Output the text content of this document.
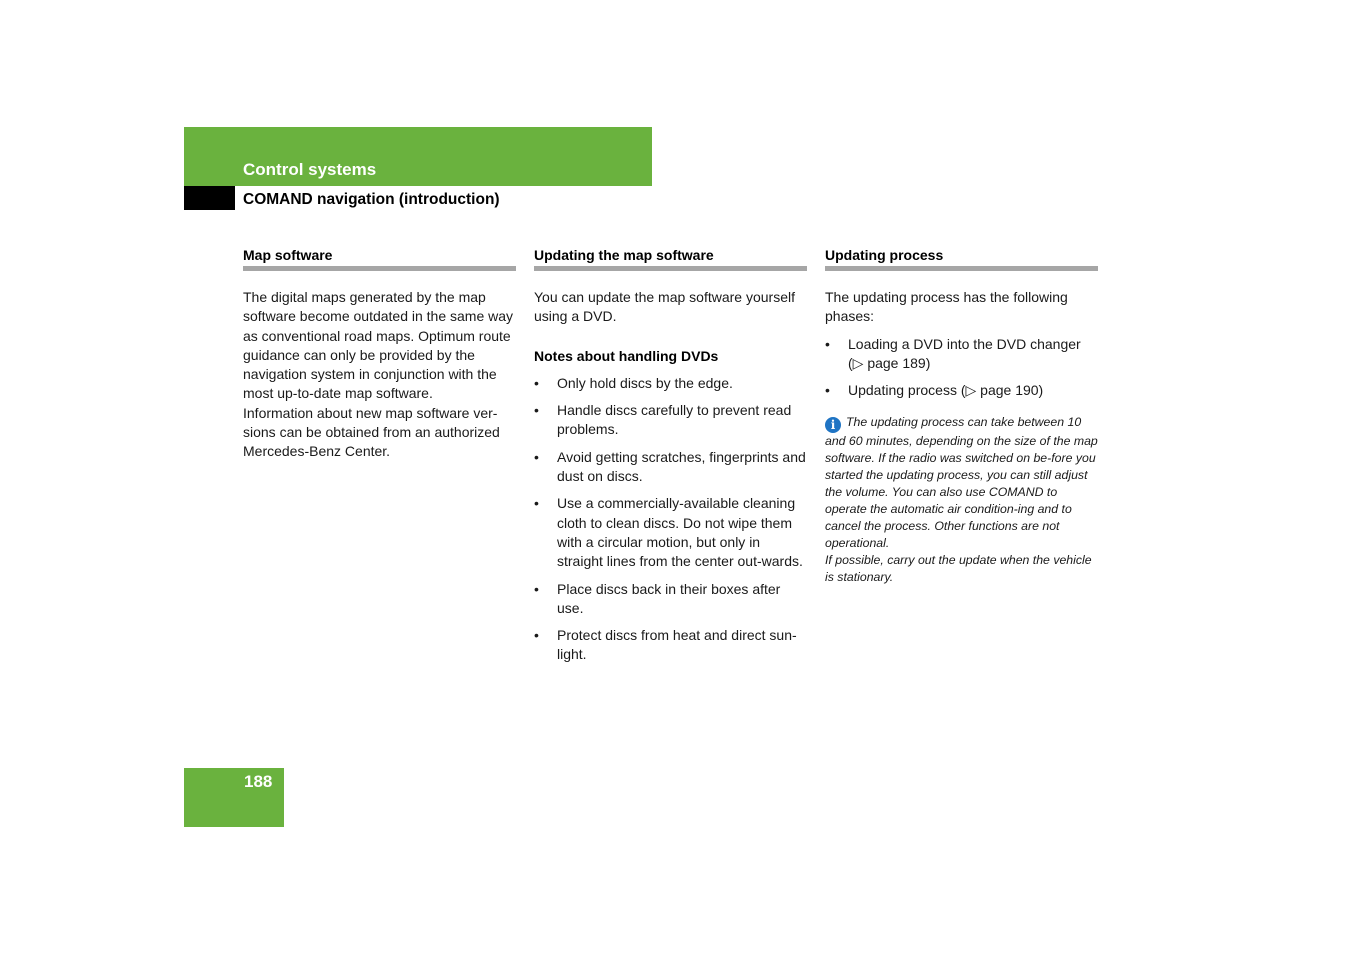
Control systems
COMAND navigation (introduction)
Map software

The digital maps generated by the map software become outdated in the same way as conventional road maps. Optimum route guidance can only be provided by the navigation system in conjunction with the most up-to-date map software.

Information about new map software ver-sions can be obtained from an authorized Mercedes-Benz Center.

Updating the map software

You can update the map software yourself using a DVD.

Notes about handling DVDs
• Only hold discs by the edge.
• Handle discs carefully to prevent read problems.
• Avoid getting scratches, fingerprints and dust on discs.
• Use a commercially-available cleaning cloth to clean discs. Do not wipe them with a circular motion, but only in straight lines from the center out-wards.
• Place discs back in their boxes after use.
• Protect discs from heat and direct sun-light.
Updating process

The updating process has the following phases:

• Loading a DVD into the DVD changer (▷ page 189)
• Updating process (▷ page 190)
i The updating process can take between 10 and 60 minutes, depending on the size of the map software. If the radio was switched on be-fore you started the updating process, you can still adjust the volume. You can also use COMAND to operate the automatic air condition-ing and to cancel the process. Other functions are not operational.
If possible, carry out the update when the vehicle is stationary.
188
